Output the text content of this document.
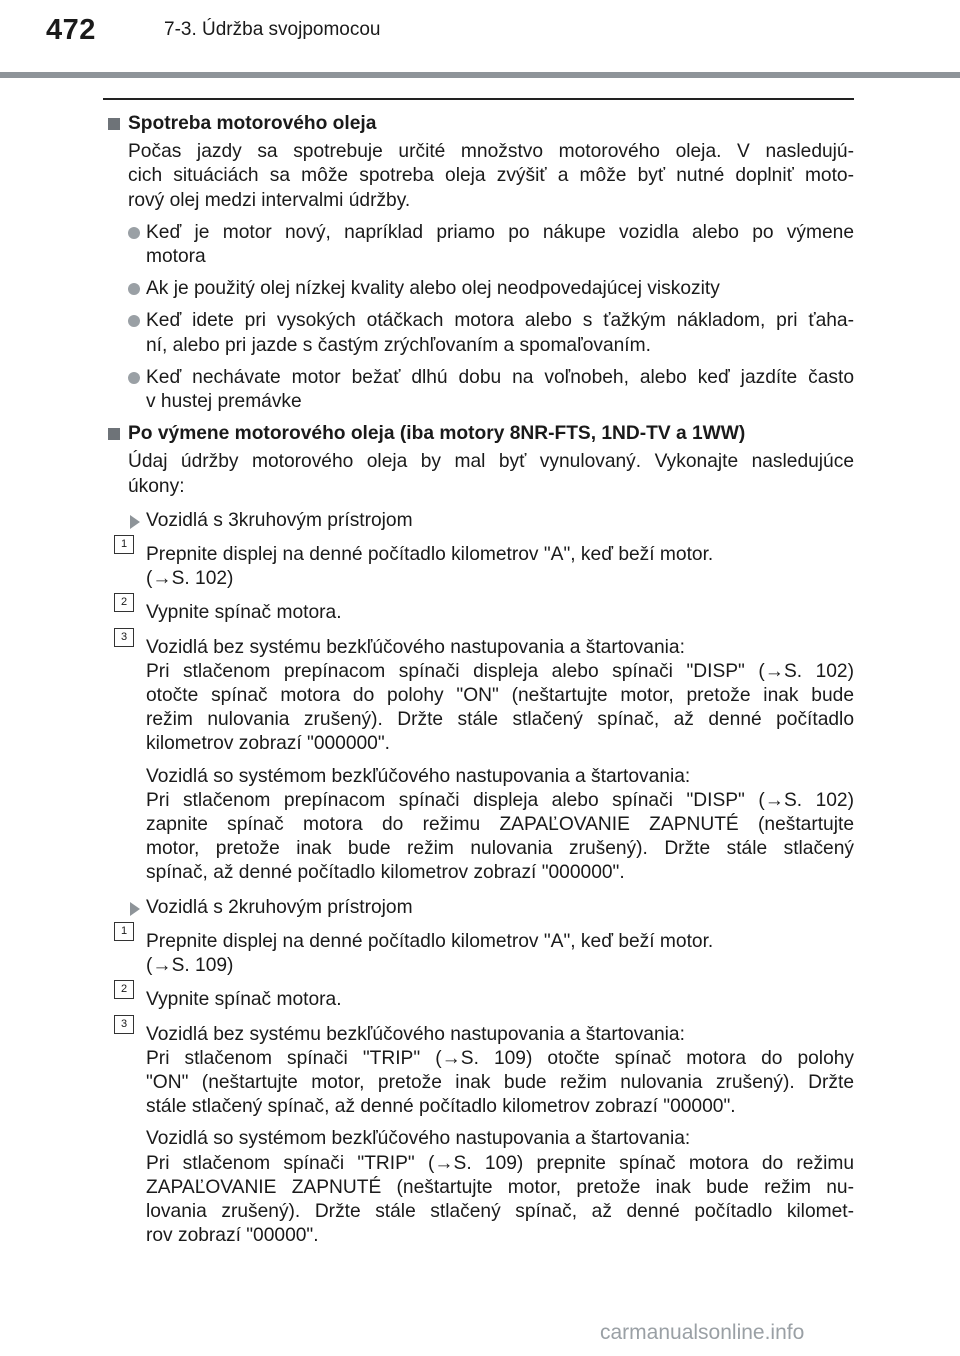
472	7-3. Údržba svojpomocou
Spotreba motorového oleja
Počas jazdy sa spotrebuje určité množstvo motorového oleja. V nasledujú-
cich situáciách sa môže spotreba oleja zvýšiť a môže byť nutné doplniť moto-
rový olej medzi intervalmi údržby.
Keď je motor nový, napríklad priamo po nákupe vozidla alebo po výmene
motora
Ak je použitý olej nízkej kvality alebo olej neodpovedajúcej viskozity
Keď idete pri vysokých otáčkach motora alebo s ťažkým nákladom, pri ťaha-
ní, alebo pri jazde s častým zrýchľovaním a spomaľovaním.
Keď nechávate motor bežať dlhú dobu na voľnobeh, alebo keď jazdíte často
v hustej premávke
Po výmene motorového oleja (iba motory 8NR-FTS, 1ND-TV a 1WW)
Údaj údržby motorového oleja by mal byť vynulovaný. Vykonajte nasledujúce
úkony:
Vozidlá s 3kruhovým prístrojom
1 Prepnite displej na denné počítadlo kilometrov "A", keď beží motor.
(→S. 102)
2 Vypnite spínač motora.
3 Vozidlá bez systému bezkľúčového nastupovania a štartovania:
Pri stlačenom prepínacom spínači displeja alebo spínači "DISP" (→S. 102)
otočte spínač motora do polohy "ON" (neštartujte motor, pretože inak bude
režim nulovania zrušený). Držte stále stlačený spínač, až denné počítadlo
kilometrov zobrazí "000000".
Vozidlá so systémom bezkľúčového nastupovania a štartovania:
Pri stlačenom prepínacom spínači displeja alebo spínači "DISP" (→S. 102)
zapnite spínač motora do režimu ZAPAĽOVANIE ZAPNUTÉ (neštartujte
motor, pretože inak bude režim nulovania zrušený). Držte stále stlačený
spínač, až denné počítadlo kilometrov zobrazí "000000".
Vozidlá s 2kruhovým prístrojom
1 Prepnite displej na denné počítadlo kilometrov "A", keď beží motor.
(→S. 109)
2 Vypnite spínač motora.
3 Vozidlá bez systému bezkľúčového nastupovania a štartovania:
Pri stlačenom spínači "TRIP" (→S. 109) otočte spínač motora do polohy
"ON" (neštartujte motor, pretože inak bude režim nulovania zrušený). Držte
stále stlačený spínač, až denné počítadlo kilometrov zobrazí "00000".
Vozidlá so systémom bezkľúčového nastupovania a štartovania:
Pri stlačenom spínači "TRIP" (→S. 109) prepnite spínač motora do režimu
ZAPAĽOVANIE ZAPNUTÉ (neštartujte motor, pretože inak bude režim nu-
lovania zrušený). Držte stále stlačený spínač, až denné počítadlo kilomet-
rov zobrazí "00000".
carmanualsonline.info
